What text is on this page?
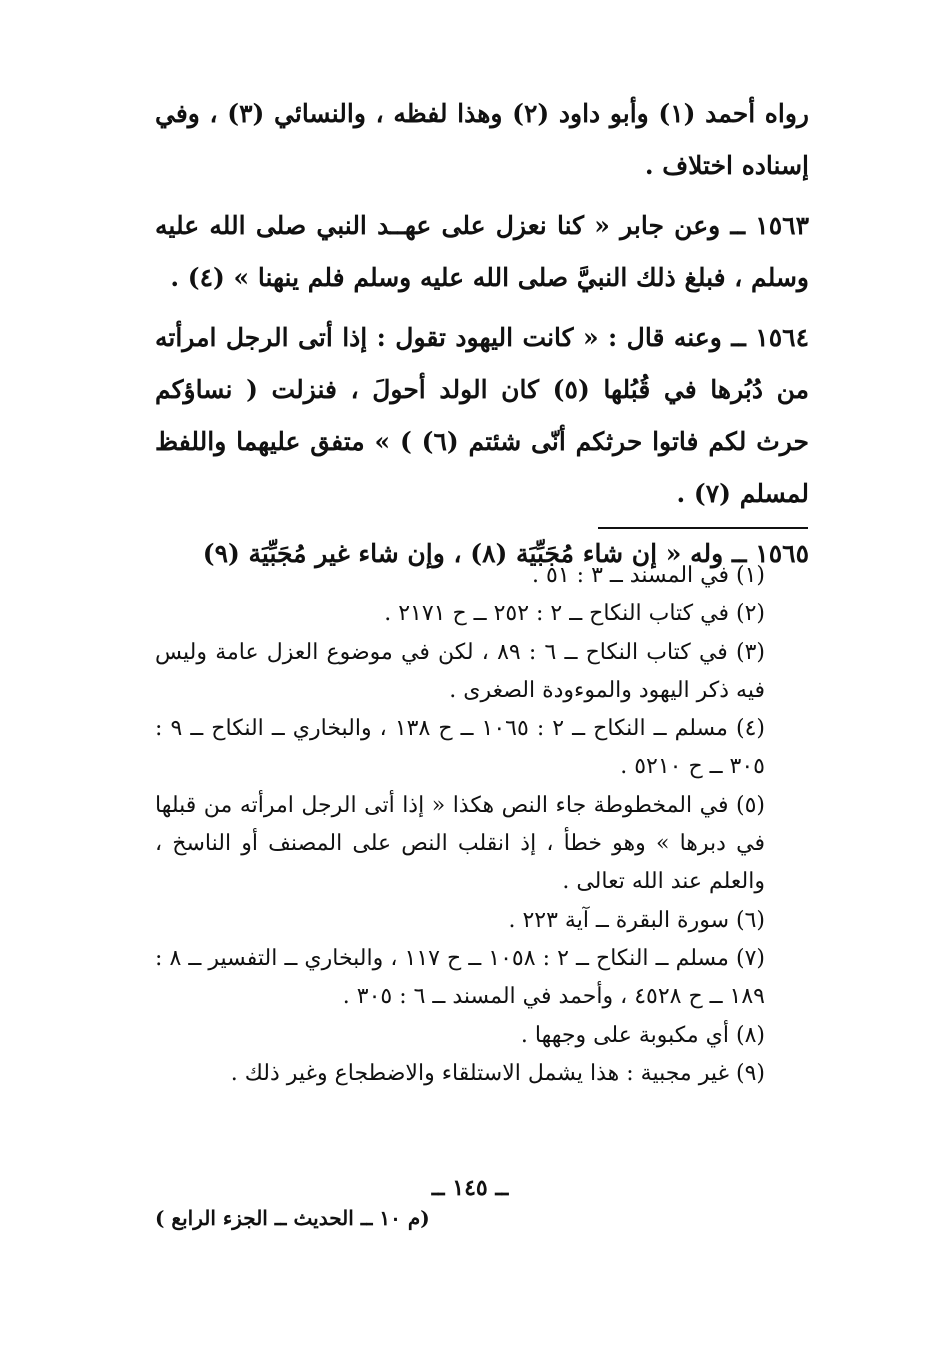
رواه أحمد (١) وأبو داود (٢) وهذا لفظه ، والنسائي (٣) ، وفي إسناده اختلاف .

١٥٦٣ ــ وعن جابر « كنا نعزل على عهــد النبي صلى الله عليه وسلم ، فبلغ ذلك النبيَّ صلى الله عليه وسلم فلم ينهنا » (٤) .

١٥٦٤ ــ وعنه قال : « كانت اليهود تقول : إذا أتى الرجل امرأته من دُبُرها في قُبُلها (٥) كان الولد أحولَ ، فنزلت ( نساؤكم حرث لكم فاتوا حرثكم أنّى شئتم (٦) ) » متفق عليهما واللفظ لمسلم (٧) .

١٥٦٥ ــ وله « إن شاء مُجَبِّيَة (٨) ، وإن شاء غير مُجَبِّيَة (٩)

(١) في المسند ــ ٣ : ٥١ .

(٢) في كتاب النكاح ــ ٢ : ٢٥٢ ــ ح ٢١٧١ .

(٣) في كتاب النكاح ــ ٦ : ٨٩ ، لكن في موضوع العزل عامة وليس فيه ذكر اليهود والموءودة الصغرى .

(٤) مسلم ــ النكاح ــ ٢ : ١٠٦٥ ــ ح ١٣٨ ، والبخاري ــ النكاح ــ ٩ : ٣٠٥ ــ ح ٥٢١٠ .

(٥) في المخطوطة جاء النص هكذا « إذا أتى الرجل امرأته من قبلها في دبرها » وهو خطأ ، إذ انقلب النص على المصنف أو الناسخ ، والعلم عند الله تعالى .

(٦) سورة البقرة ــ آية ٢٢٣ .

(٧) مسلم ــ النكاح ــ ٢ : ١٠٥٨ ــ ح ١١٧ ، والبخاري ــ التفسير ــ ٨ : ١٨٩ ــ ح ٤٥٢٨ ، وأحمد في المسند ــ ٦ : ٣٠٥ .

(٨) أي مكبوبة على وجهها .

(٩) غير مجبية : هذا يشمل الاستلقاء والاضطجاع وغير ذلك .

ــ ١٤٥ ــ
(م ١٠ ــ الحديث ــ الجزء الرابع )
